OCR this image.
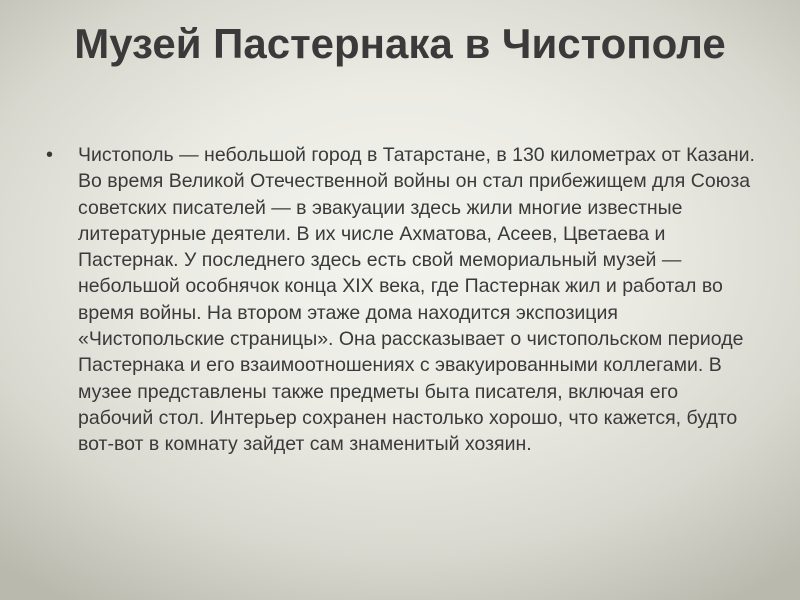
Музей Пастернака в Чистополе
• Чистополь — небольшой город в Татарстане, в 130 километрах от Казани. Во время Великой Отечественной войны он стал прибежищем для Союза советских писателей — в эвакуации здесь жили многие известные литературные деятели. В их числе Ахматова, Асеев, Цветаева и Пастернак. У последнего здесь есть свой мемориальный музей — небольшой особнячок конца XIX века, где Пастернак жил и работал во время войны. На втором этаже дома находится экспозиция «Чистопольские страницы». Она рассказывает о чистопольском периоде Пастернака и его взаимоотношениях с эвакуированными коллегами. В музее представлены также предметы быта писателя, включая его рабочий стол. Интерьер сохранен настолько хорошо, что кажется, будто вот-вот в комнату зайдет сам знаменитый хозяин.
